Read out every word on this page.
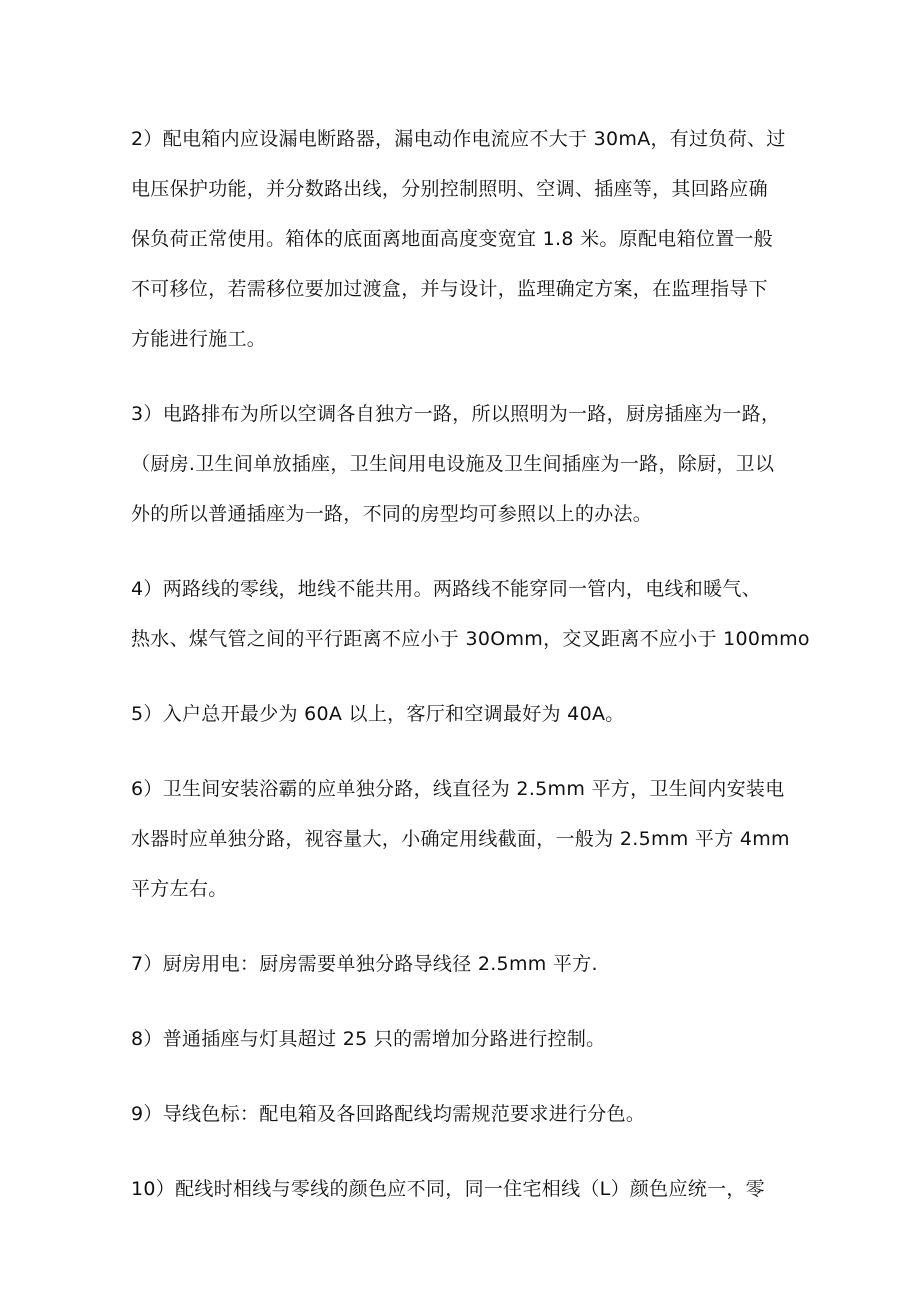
2）配电箱内应设漏电断路器，漏电动作电流应不大于 30mA，有过负荷、过
电压保护功能，并分数路出线，分别控制照明、空调、插座等，其回路应确
保负荷正常使用。箱体的底面离地面高度变宽宜 1.8 米。原配电箱位置一般
不可移位，若需移位要加过渡盒，并与设计，监理确定方案，在监理指导下
方能进行施工。
3）电路排布为所以空调各自独方一路，所以照明为一路，厨房插座为一路，
（厨房.卫生间单放插座，卫生间用电设施及卫生间插座为一路，除厨，卫以
外的所以普通插座为一路，不同的房型均可参照以上的办法。
4）两路线的零线，地线不能共用。两路线不能穿同一管内，电线和暖气、
热水、煤气管之间的平行距离不应小于 30Omm，交叉距离不应小于 100mmo
5）入户总开最少为 60A 以上，客厅和空调最好为 40A。
6）卫生间安装浴霸的应单独分路，线直径为 2.5mm 平方，卫生间内安装电
水器时应单独分路，视容量大，小确定用线截面，一般为 2.5mm 平方 4mm
平方左右。
7）厨房用电：厨房需要单独分路导线径 2.5mm 平方.
8）普通插座与灯具超过 25 只的需增加分路进行控制。
9）导线色标：配电箱及各回路配线均需规范要求进行分色。
10）配线时相线与零线的颜色应不同，同一住宅相线（L）颜色应统一，零
